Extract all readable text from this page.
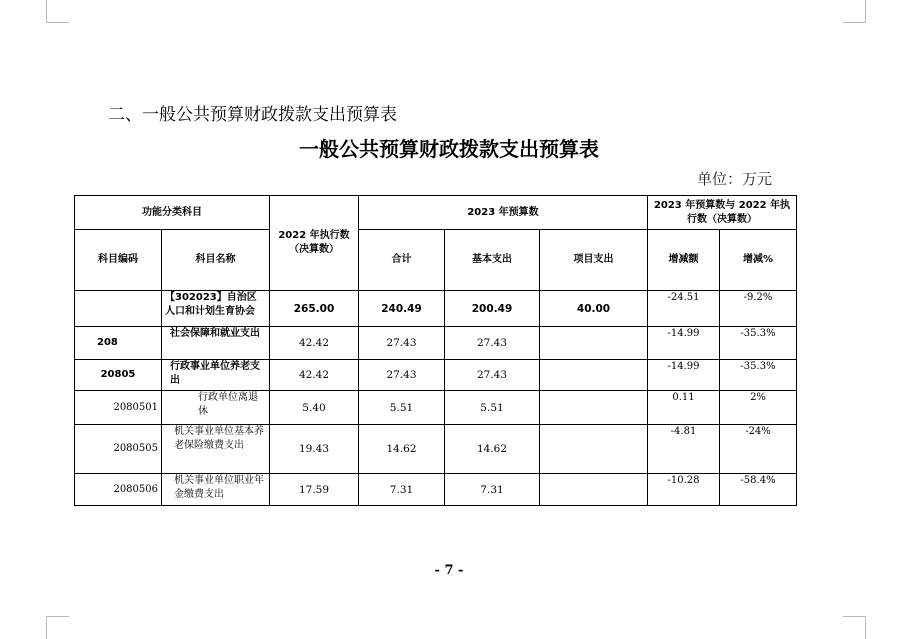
二、一般公共预算财政拨款支出预算表
一般公共预算财政拨款支出预算表
单位：万元
功能分类科目		2022 年执行数（决算数）	2023 年预算数			2023 年预算数与 2022 年执行数（决算数）	
科目编码	科目名称		合计	基本支出	项目支出	增减额	增减%
	【302023】自治区人口和计划生育协会	265.00	240.49	200.49	40.00	-24.51	-9.2%
208	社会保障和就业支出	42.42	27.43	27.43		-14.99	-35.3%
20805	行政事业单位养老支出	42.42	27.43	27.43		-14.99	-35.3%
2080501	行政单位离退休	5.40	5.51	5.51		0.11	2%
2080505	机关事业单位基本养老保险缴费支出	19.43	14.62	14.62		-4.81	-24%
2080506	机关事业单位职业年金缴费支出	17.59	7.31	7.31		-10.28	-58.4%
- 7 -
